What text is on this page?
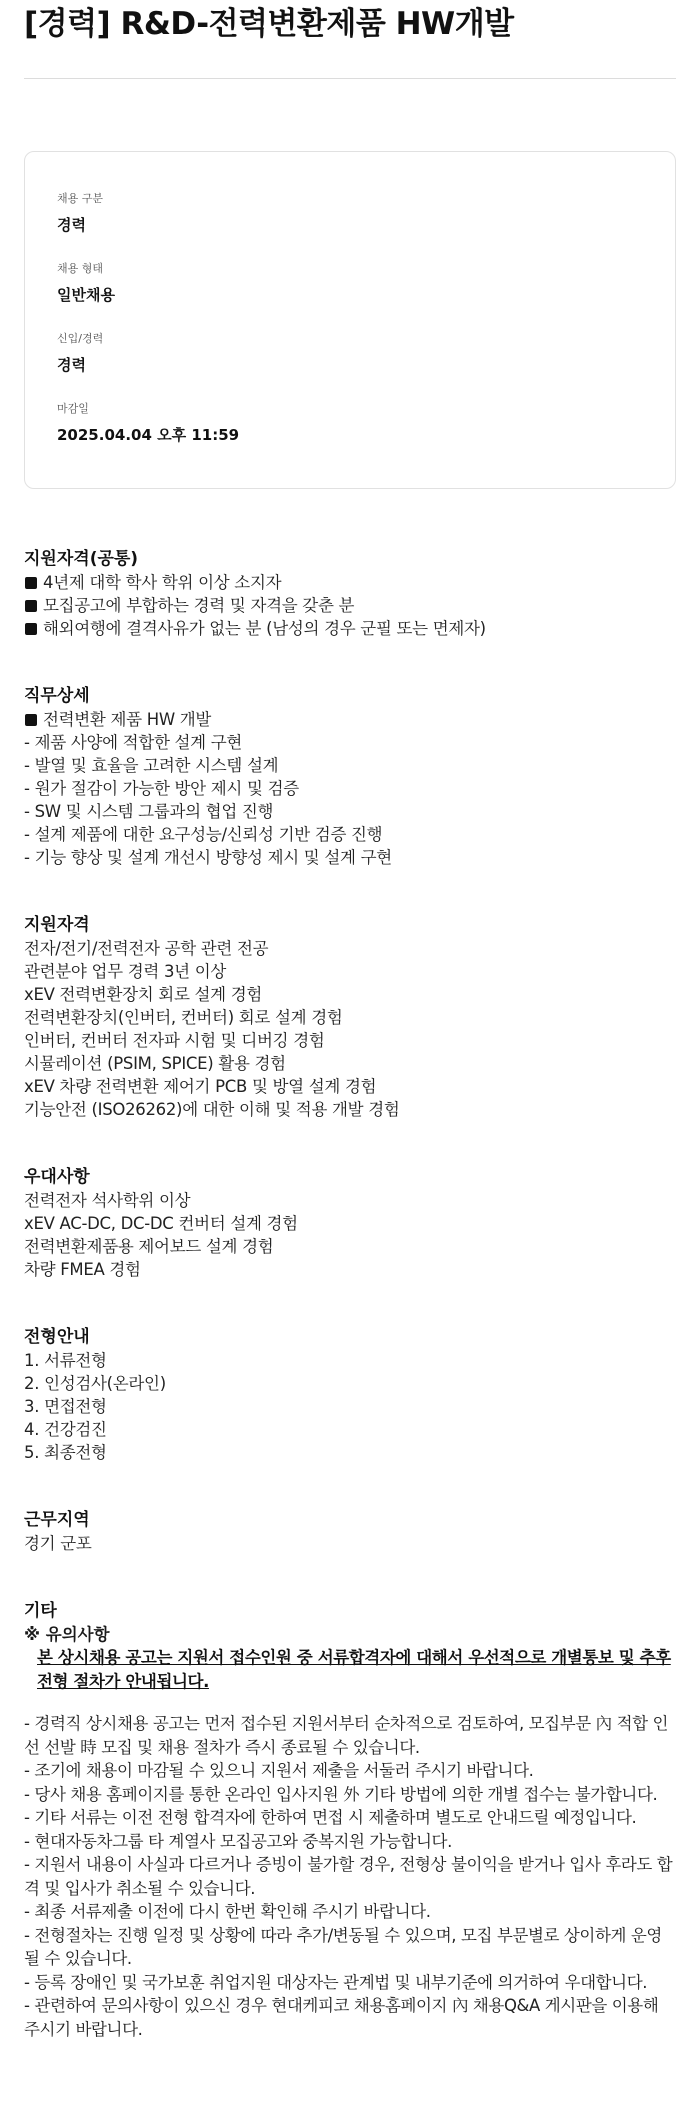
[경력] R&D-전력변환제품 HW개발
채용 구분
경력
채용 형태
일반채용
신입/경력
경력
마감일
2025.04.04 오후 11:59
지원자격(공통)
4년제 대학 학사 학위 이상 소지자
모집공고에 부합하는 경력 및 자격을 갖춘 분
해외여행에 결격사유가 없는 분 (남성의 경우 군필 또는 면제자)
직무상세
전력변환 제품 HW 개발
- 제품 사양에 적합한 설계 구현
- 발열 및 효율을 고려한 시스템 설계
- 원가 절감이 가능한 방안 제시 및 검증
- SW 및 시스템 그룹과의 협업 진행
- 설계 제품에 대한 요구성능/신뢰성 기반 검증 진행
- 기능 향상 및 설계 개선시 방향성 제시 및 설계 구현
지원자격
전자/전기/전력전자 공학 관련 전공
관련분야 업무 경력 3년 이상
xEV 전력변환장치 회로 설계 경험
전력변환장치(인버터, 컨버터) 회로 설계 경험
인버터, 컨버터 전자파 시험 및 디버깅 경험
시뮬레이션 (PSIM, SPICE) 활용 경험
xEV 차량 전력변환 제어기 PCB 및 방열 설계 경험
기능안전 (ISO26262)에 대한 이해 및 적용 개발 경험
우대사항
전력전자 석사학위 이상
xEV AC-DC, DC-DC 컨버터 설계 경험
전력변환제품용 제어보드 설계 경험
차량 FMEA 경험
전형안내
1. 서류전형
2. 인성검사(온라인)
3. 면접전형
4. 건강검진
5. 최종전형
근무지역
경기 군포
기타
※ 유의사항
본 상시채용 공고는 지원서 접수인원 중 서류합격자에 대해서 우선적으로 개별통보 및 추후 전형 절차가 안내됩니다.
- 경력직 상시채용 공고는 먼저 접수된 지원서부터 순차적으로 검토하여, 모집부문 內 적합 인선 선발 時 모집 및 채용 절차가 즉시 종료될 수 있습니다.
- 조기에 채용이 마감될 수 있으니 지원서 제출을 서둘러 주시기 바랍니다.
- 당사 채용 홈페이지를 통한 온라인 입사지원 外 기타 방법에 의한 개별 접수는 불가합니다.
- 기타 서류는 이전 전형 합격자에 한하여 면접 시 제출하며 별도로 안내드릴 예정입니다.
- 현대자동차그룹 타 계열사 모집공고와 중복지원 가능합니다.
- 지원서 내용이 사실과 다르거나 증빙이 불가할 경우, 전형상 불이익을 받거나 입사 후라도 합격 및 입사가 취소될 수 있습니다.
- 최종 서류제출 이전에 다시 한번 확인해 주시기 바랍니다.
- 전형절차는 진행 일정 및 상황에 따라 추가/변동될 수 있으며, 모집 부문별로 상이하게 운영될 수 있습니다.
- 등록 장애인 및 국가보훈 취업지원 대상자는 관계법 및 내부기준에 의거하여 우대합니다.
- 관련하여 문의사항이 있으신 경우 현대케피코 채용홈페이지 內 채용Q&A 게시판을 이용해 주시기 바랍니다.
